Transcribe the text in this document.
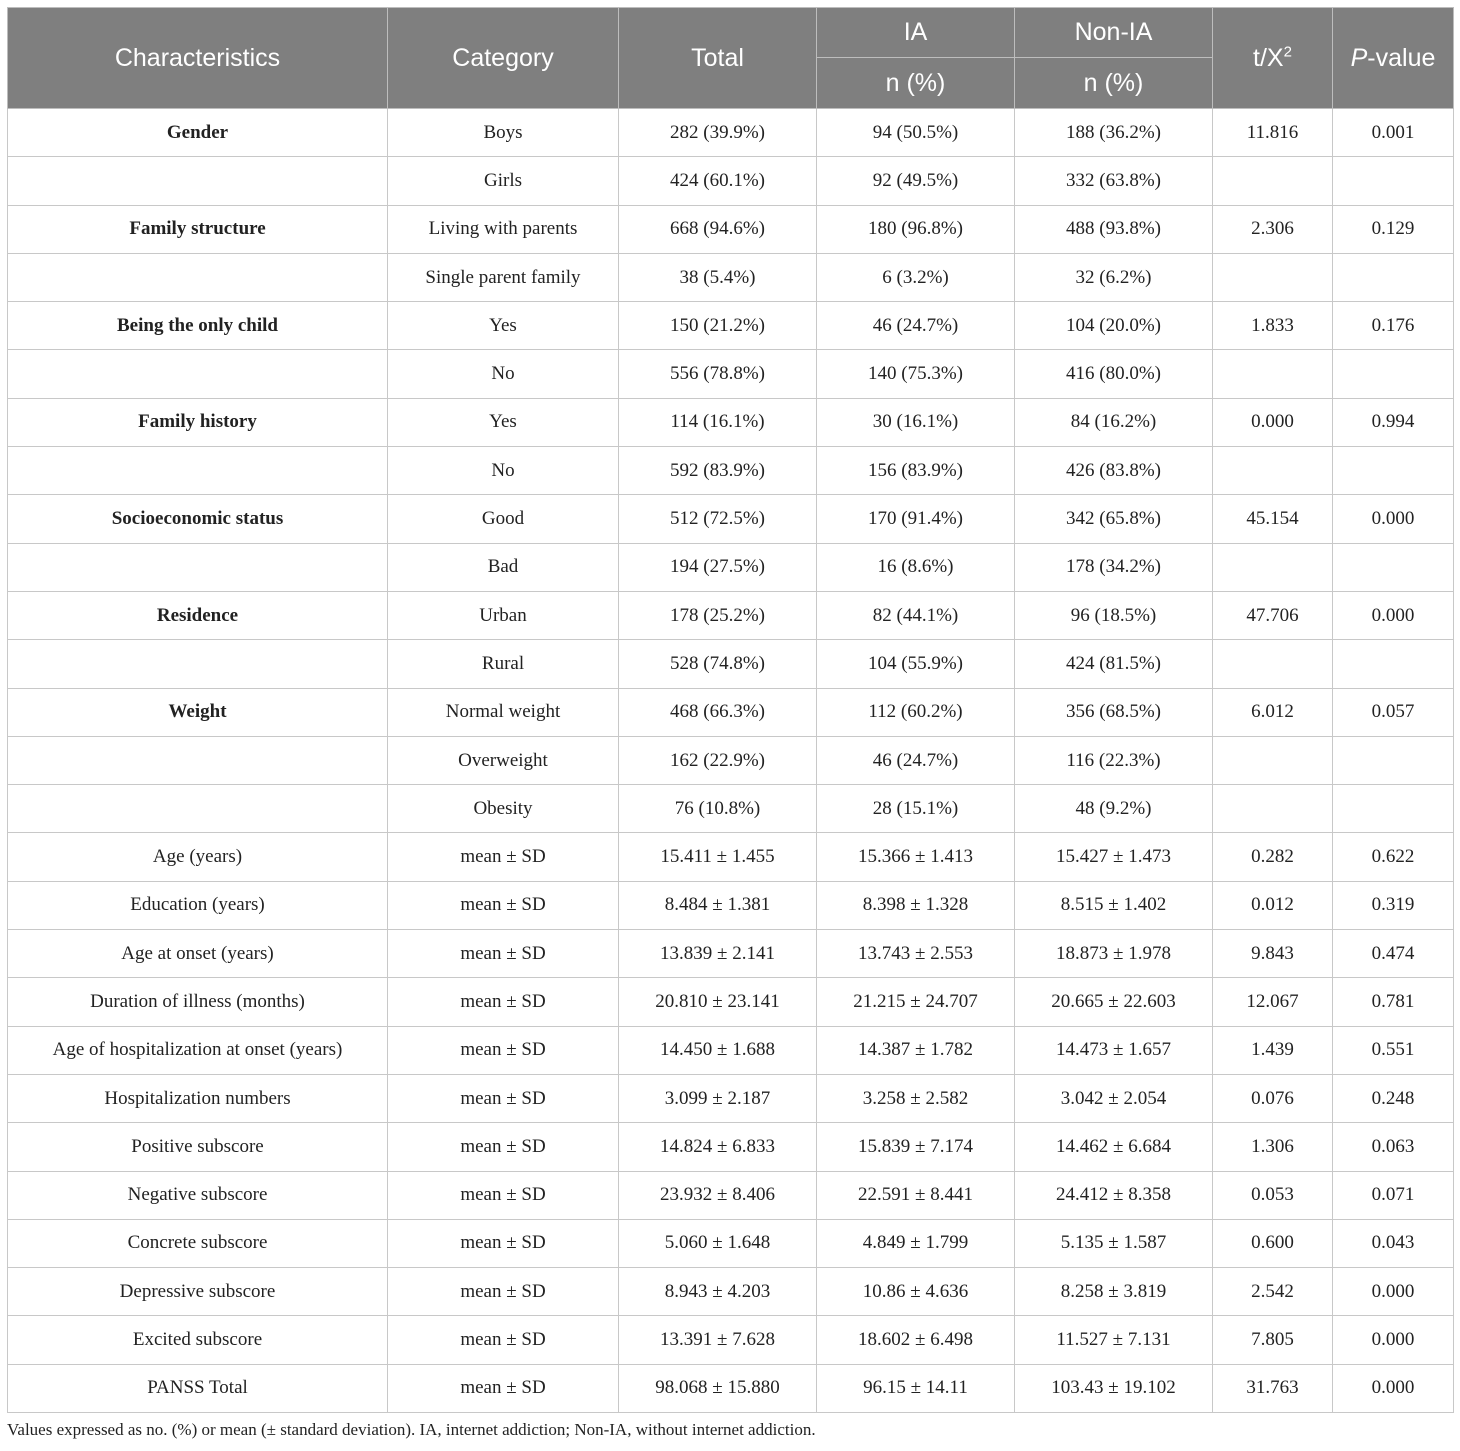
Characteristics	Category	Total	IA	Non-IA	$t/X^2$	P-value
			n (%)	n (%)		
Gender	Boys	282 (39.9%)	94 (50.5%)	188 (36.2%)	11.816	0.001
	Girls	424 (60.1%)	92 (49.5%)	332 (63.8%)		
Family structure	Living with parents	668 (94.6%)	180 (96.8%)	488 (93.8%)	2.306	0.129
	Single parent family	38 (5.4%)	6 (3.2%)	32 (6.2%)		
Being the only child	Yes	150 (21.2%)	46 (24.7%)	104 (20.0%)	1.833	0.176
	No	556 (78.8%)	140 (75.3%)	416 (80.0%)		
Family history	Yes	114 (16.1%)	30 (16.1%)	84 (16.2%)	0.000	0.994
	No	592 (83.9%)	156 (83.9%)	426 (83.8%)		
Socioeconomic status	Good	512 (72.5%)	170 (91.4%)	342 (65.8%)	45.154	0.000
	Bad	194 (27.5%)	16 (8.6%)	178 (34.2%)		
Residence	Urban	178 (25.2%)	82 (44.1%)	96 (18.5%)	47.706	0.000
	Rural	528 (74.8%)	104 (55.9%)	424 (81.5%)		
Weight	Normal weight	468 (66.3%)	112 (60.2%)	356 (68.5%)	6.012	0.057
	Overweight	162 (22.9%)	46 (24.7%)	116 (22.3%)		
	Obesity	76 (10.8%)	28 (15.1%)	48 (9.2%)		
Age (years)	mean ± SD	15.411 ± 1.455	15.366 ± 1.413	15.427 ± 1.473	0.282	0.622
Education (years)	mean ± SD	8.484 ± 1.381	8.398 ± 1.328	8.515 ± 1.402	0.012	0.319
Age at onset (years)	mean ± SD	13.839 ± 2.141	13.743 ± 2.553	18.873 ± 1.978	9.843	0.474
Duration of illness (months)	mean ± SD	20.810 ± 23.141	21.215 ± 24.707	20.665 ± 22.603	12.067	0.781
Age of hospitalization at onset (years)	mean ± SD	14.450 ± 1.688	14.387 ± 1.782	14.473 ± 1.657	1.439	0.551
Hospitalization numbers	mean ± SD	3.099 ± 2.187	3.258 ± 2.582	3.042 ± 2.054	0.076	0.248
Positive subscore	mean ± SD	14.824 ± 6.833	15.839 ± 7.174	14.462 ± 6.684	1.306	0.063
Negative subscore	mean ± SD	23.932 ± 8.406	22.591 ± 8.441	24.412 ± 8.358	0.053	0.071
Concrete subscore	mean ± SD	5.060 ± 1.648	4.849 ± 1.799	5.135 ± 1.587	0.600	0.043
Depressive subscore	mean ± SD	8.943 ± 4.203	10.86 ± 4.636	8.258 ± 3.819	2.542	0.000
Excited subscore	mean ± SD	13.391 ± 7.628	18.602 ± 6.498	11.527 ± 7.131	7.805	0.000
PANSS Total	mean ± SD	98.068 ± 15.880	96.15 ± 14.11	103.43 ± 19.102	31.763	0.000
Values expressed as no. (%) or mean (± standard deviation). IA, internet addiction; Non-IA, without internet addiction.
